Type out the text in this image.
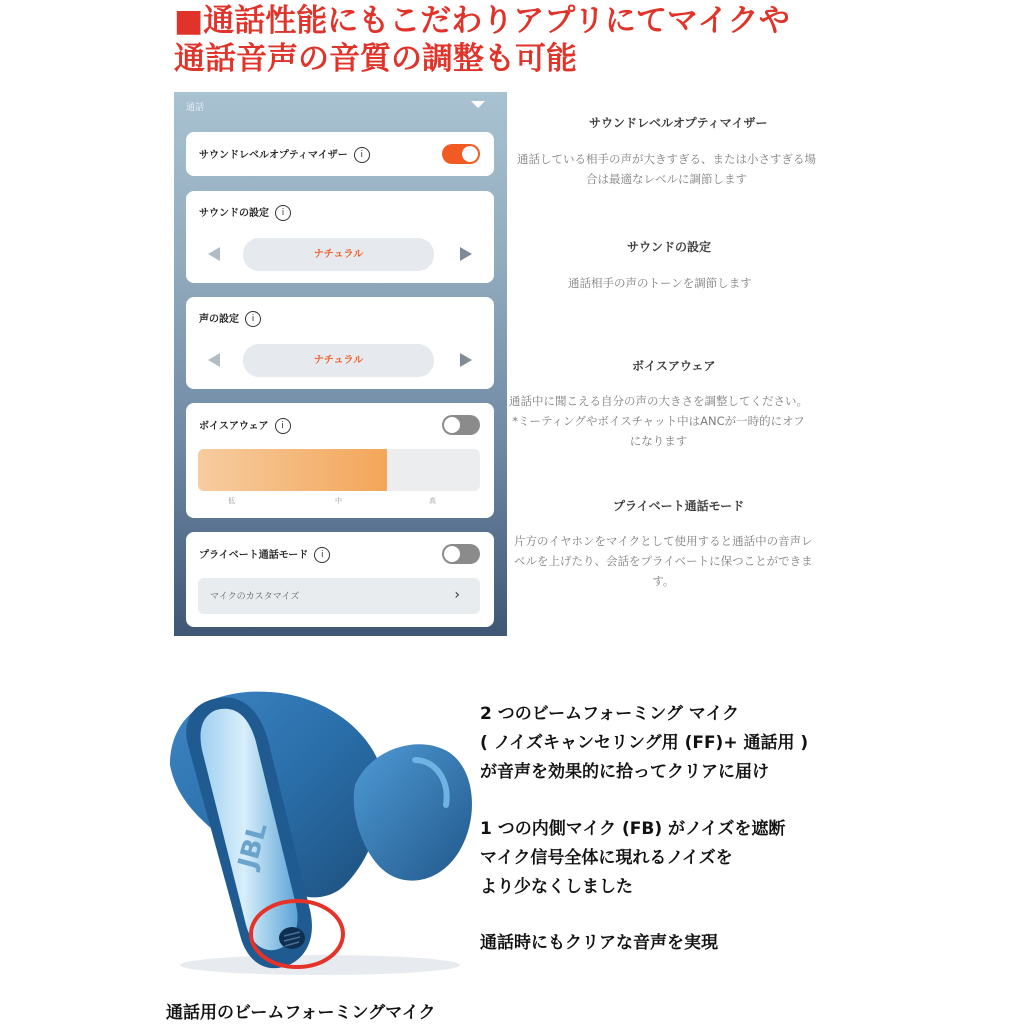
■通話性能にもこだわりアプリにてマイクや
通話音声の音質の調整も可能
通話
サウンドレベルオプティマイザー i
サウンドの設定 i
ナチュラル
声の設定 i
ナチュラル
ボイスアウェア i
低	中	高
プライベート通話モード i
マイクのカスタマイズ	›
サウンドレベルオプティマイザー
通話している相手の声が大きすぎる、または小さすぎる場
合は最適なレベルに調節します
サウンドの設定
通話相手の声のトーンを調節します
ボイスアウェア
通話中に聞こえる自分の声の大きさを調整してください。
*ミーティングやボイスチャット中はANCが一時的にオフ
になります
プライベート通話モード
片方のイヤホンをマイクとして使用すると通話中の音声レ
ベルを上げたり、会話をプライベートに保つことができま
す。
JBL
2 つのビームフォーミング マイク
( ノイズキャンセリング用 (FF)+ 通話用 )
が音声を効果的に拾ってクリアに届け
1 つの内側マイク (FB) がノイズを遮断
マイク信号全体に現れるノイズを
より少なくしました
通話時にもクリアな音声を実現
通話用のビームフォーミングマイク
